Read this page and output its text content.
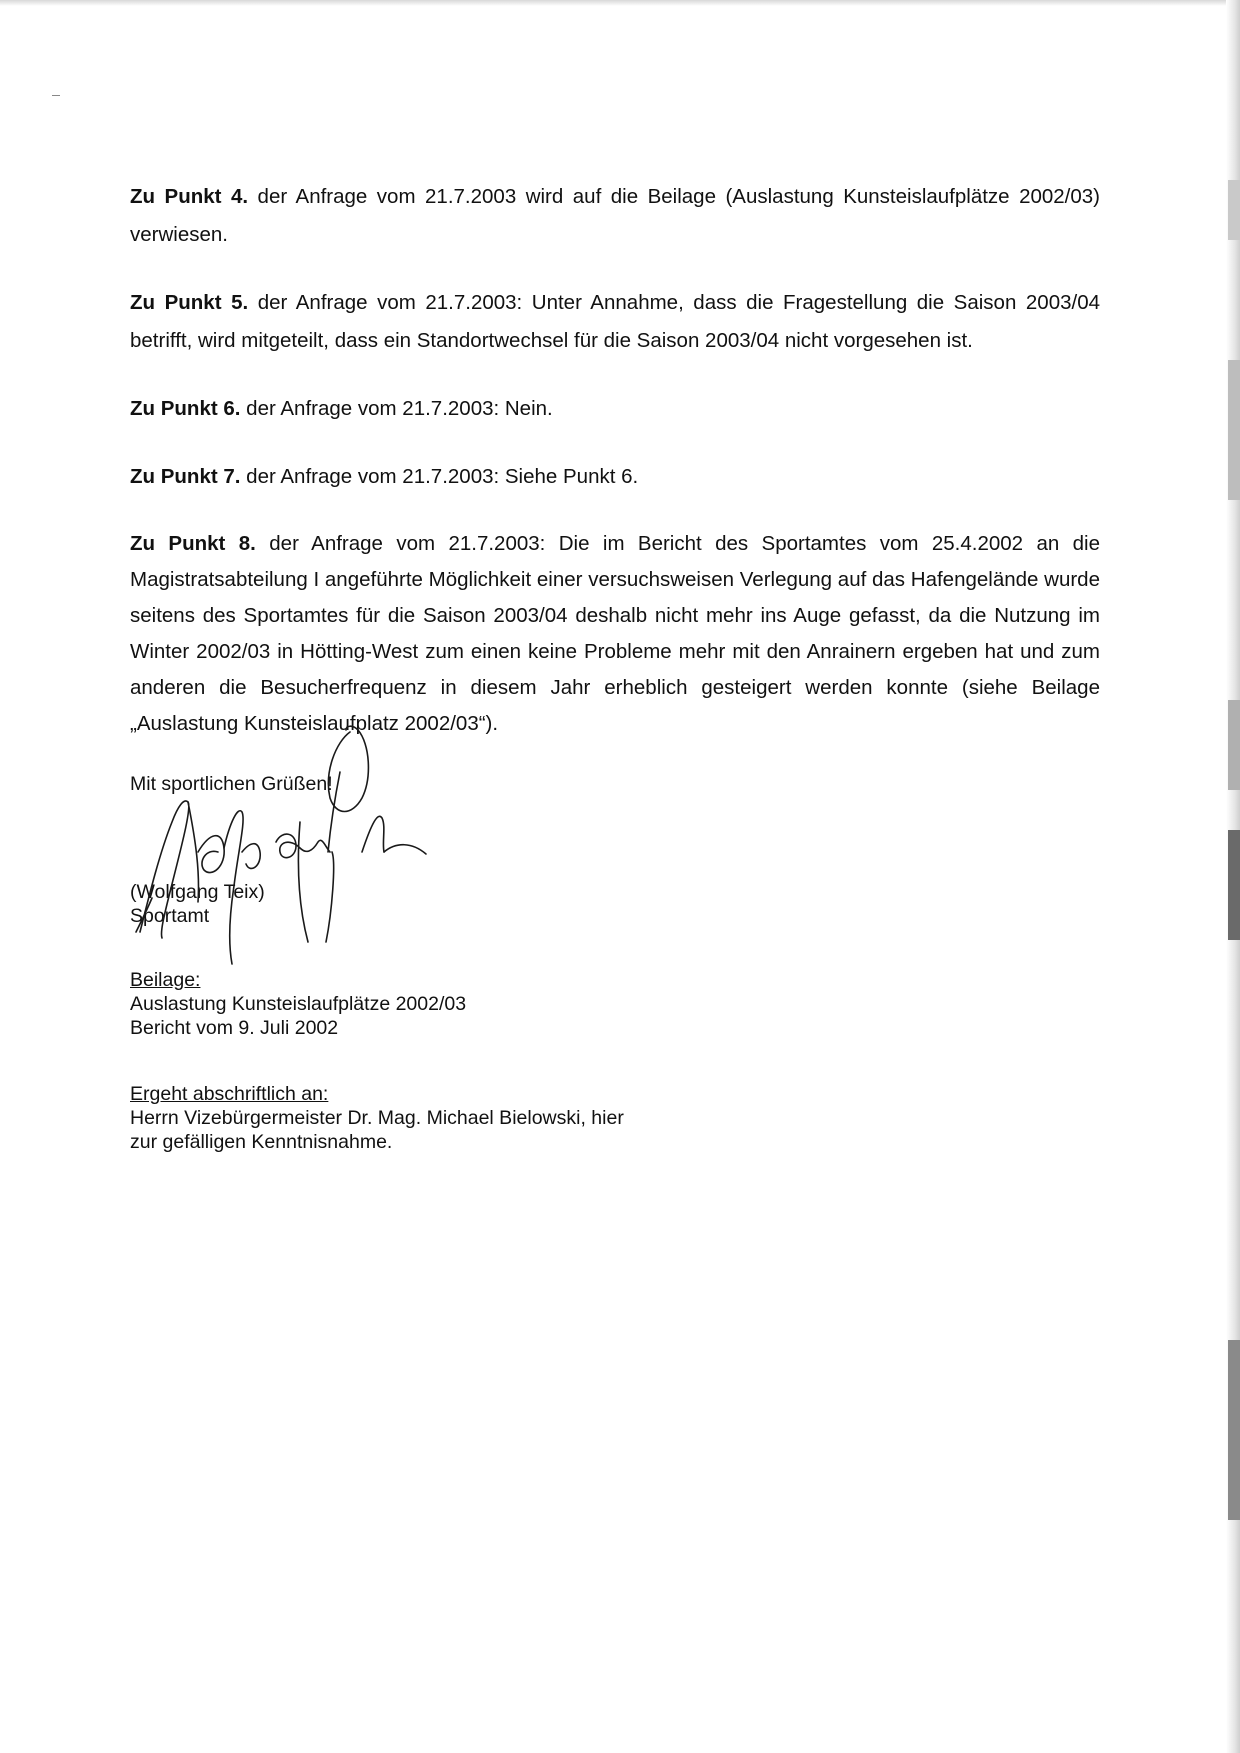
Zu Punkt 4. der Anfrage vom 21.7.2003 wird auf die Beilage (Auslastung Kunsteislaufplätze 2002/03) verwiesen.

Zu Punkt 5. der Anfrage vom 21.7.2003: Unter Annahme, dass die Fragestellung die Saison 2003/04 betrifft, wird mitgeteilt, dass ein Standortwechsel für die Saison 2003/04 nicht vorgesehen ist.

Zu Punkt 6. der Anfrage vom 21.7.2003: Nein.

Zu Punkt 7. der Anfrage vom 21.7.2003: Siehe Punkt 6.

Zu Punkt 8. der Anfrage vom 21.7.2003: Die im Bericht des Sportamtes vom 25.4.2002 an die Magistratsabteilung I angeführte Möglichkeit einer versuchsweisen Verlegung auf das Hafengelände wurde seitens des Sportamtes für die Saison 2003/04 deshalb nicht mehr ins Auge gefasst, da die Nutzung im Winter 2002/03 in Hötting-West zum einen keine Probleme mehr mit den Anrainern ergeben hat und zum anderen die Besucherfrequenz in diesem Jahr erheblich gesteigert werden konnte (siehe Beilage „Auslastung Kunsteislaufplatz 2002/03“).

Mit sportlichen Grüßen!
(Wolfgang Teix)
Sportamt
Beilage:
Auslastung Kunsteislaufplätze 2002/03
Bericht vom 9. Juli 2002
Ergeht abschriftlich an:
Herrn Vizebürgermeister Dr. Mag. Michael Bielowski, hier
zur gefälligen Kenntnisnahme.
